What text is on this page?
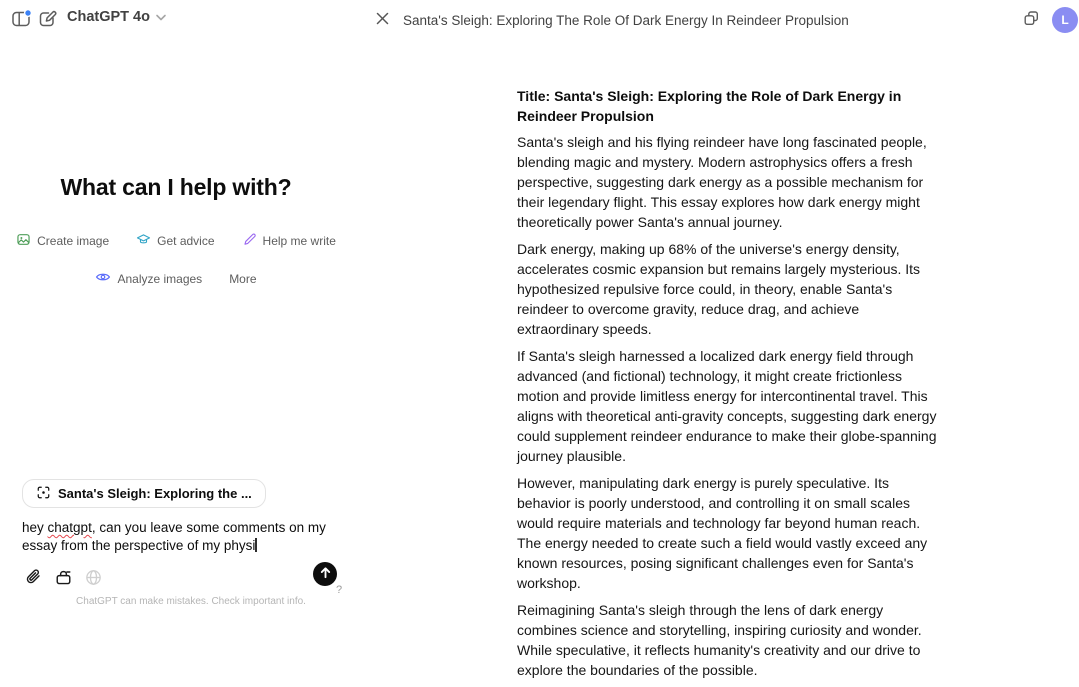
ChatGPT 4o	Santa's Sleigh: Exploring The Role Of Dark Energy In Reindeer Propulsion	L
What can I help with?
Create image	Get advice	Help me write
Analyze images More
Santa's Sleigh: Exploring the ...
hey chatgpt, can you leave some comments on my essay from the perspective of my physi
?
ChatGPT can make mistakes. Check important info.
Title: Santa's Sleigh: Exploring the Role of Dark Energy in Reindeer Propulsion

Santa's sleigh and his flying reindeer have long fascinated people, blending magic and mystery. Modern astrophysics offers a fresh perspective, suggesting dark energy as a possible mechanism for their legendary flight. This essay explores how dark energy might theoretically power Santa's annual journey.

Dark energy, making up 68% of the universe's energy density, accelerates cosmic expansion but remains largely mysterious. Its hypothesized repulsive force could, in theory, enable Santa's reindeer to overcome gravity, reduce drag, and achieve extraordinary speeds.

If Santa's sleigh harnessed a localized dark energy field through advanced (and fictional) technology, it might create frictionless motion and provide limitless energy for intercontinental travel. This aligns with theoretical anti-gravity concepts, suggesting dark energy could supplement reindeer endurance to make their globe-spanning journey plausible.

However, manipulating dark energy is purely speculative. Its behavior is poorly understood, and controlling it on small scales would require materials and technology far beyond human reach. The energy needed to create such a field would vastly exceed any known resources, posing significant challenges even for Santa's workshop.

Reimagining Santa's sleigh through the lens of dark energy combines science and storytelling, inspiring curiosity and wonder. While speculative, it reflects humanity's creativity and our drive to explore the boundaries of the possible.
